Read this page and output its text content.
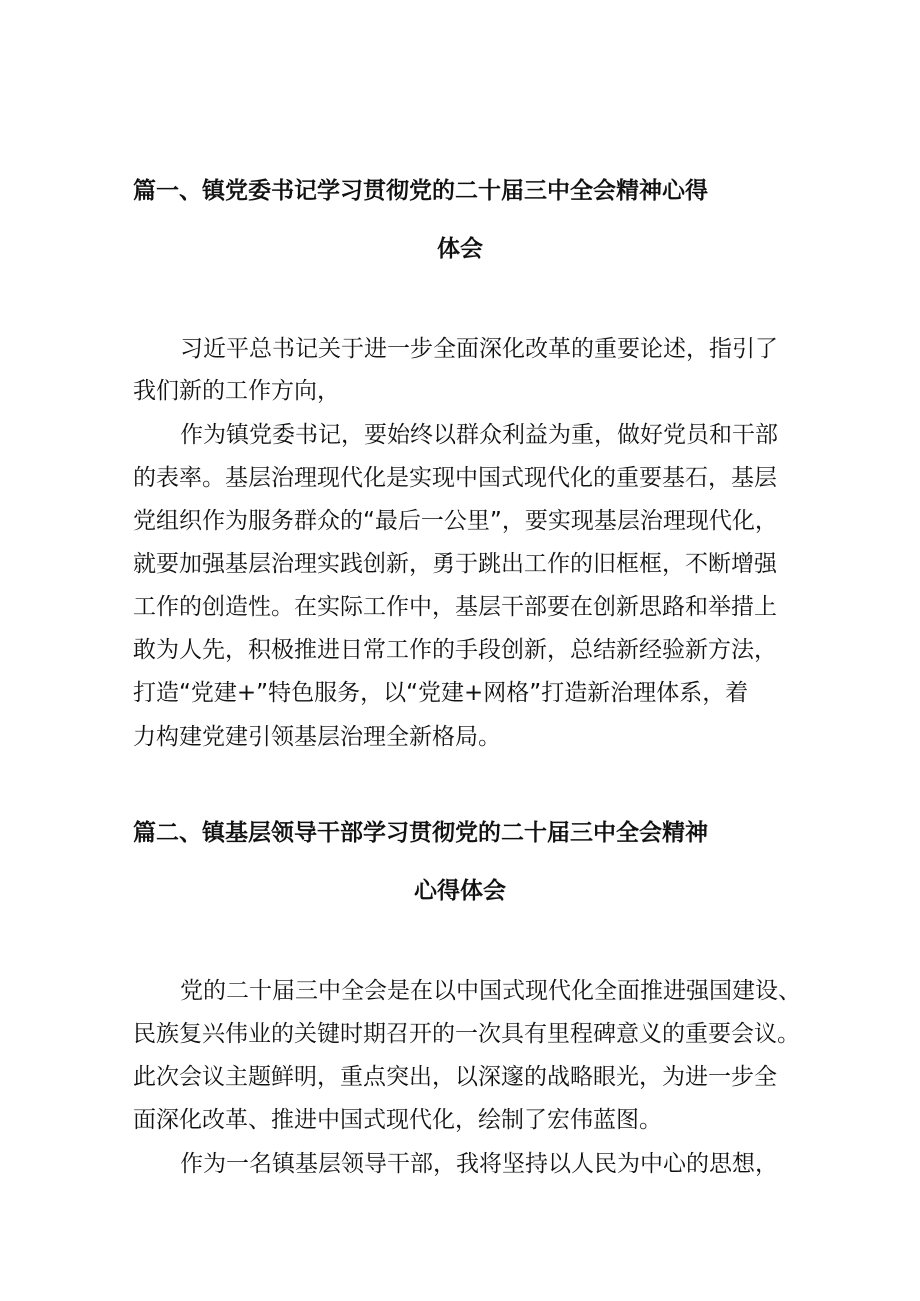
篇一、镇党委书记学习贯彻党的二十届三中全会精神心得
体会
习近平总书记关于进一步全面深化改革的重要论述，指引了
我们新的工作方向，
作为镇党委书记，要始终以群众利益为重，做好党员和干部
的表率。基层治理现代化是实现中国式现代化的重要基石，基层
党组织作为服务群众的“最后一公里”，要实现基层治理现代化，
就要加强基层治理实践创新，勇于跳出工作的旧框框，不断增强
工作的创造性。在实际工作中，基层干部要在创新思路和举措上
敢为人先，积极推进日常工作的手段创新，总结新经验新方法，
打造“党建+”特色服务，以“党建+网格”打造新治理体系，着
力构建党建引领基层治理全新格局。
篇二、镇基层领导干部学习贯彻党的二十届三中全会精神
心得体会
党的二十届三中全会是在以中国式现代化全面推进强国建设、
民族复兴伟业的关键时期召开的一次具有里程碑意义的重要会议。
此次会议主题鲜明，重点突出，以深邃的战略眼光，为进一步全
面深化改革、推进中国式现代化，绘制了宏伟蓝图。
作为一名镇基层领导干部，我将坚持以人民为中心的思想，
